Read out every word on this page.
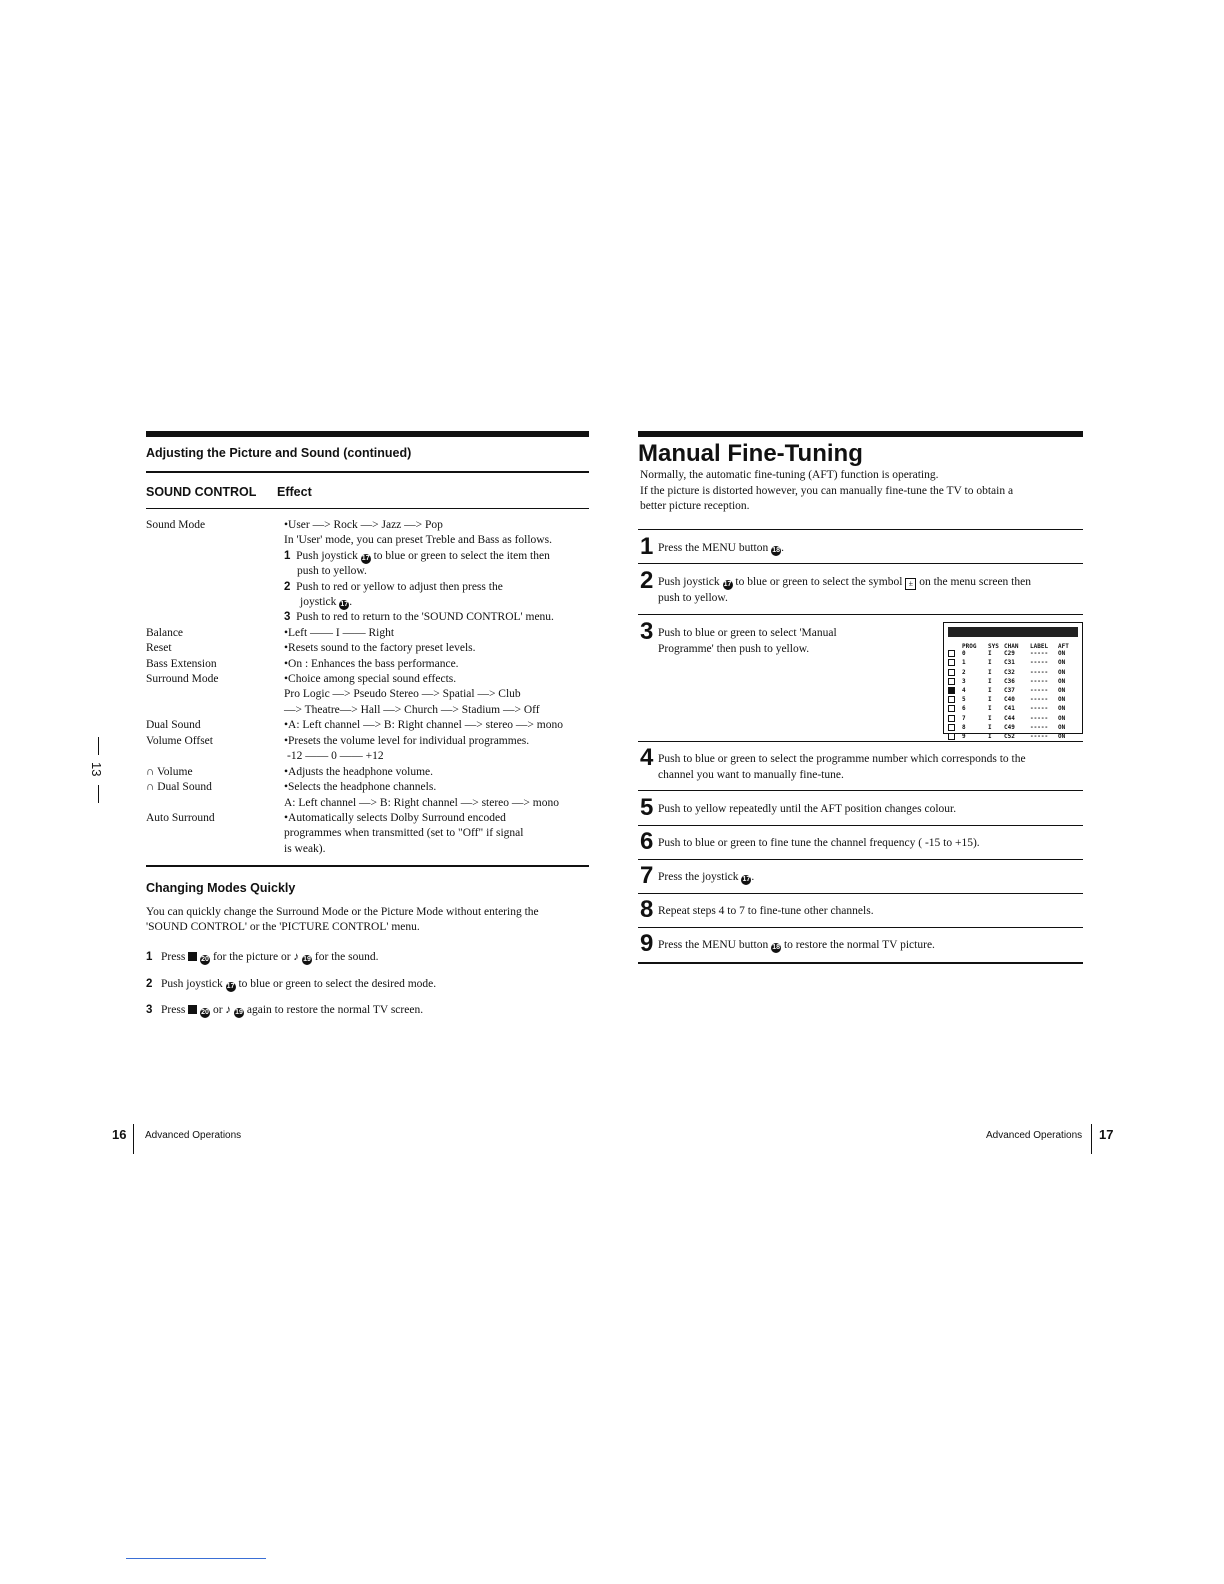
Adjusting the Picture and Sound (continued)
SOUND CONTROL Effect
Sound Mode	•User —> Rock —> Jazz —> Pop
In 'User' mode, you can preset Treble and Bass as follows.
1 Push joystick 17 to blue or green to select the item then
push to yellow.
2 Push to red or yellow to adjust then press the
joystick 17.
3 Push to red to return to the 'SOUND CONTROL' menu.
Balance	•Left —— I —— Right
Reset	•Resets sound to the factory preset levels.
Bass Extension	•On : Enhances the bass performance.
Surround Mode	•Choice among special sound effects.
Pro Logic —> Pseudo Stereo —> Spatial —> Club
—> Theatre—> Hall —> Church —> Stadium —> Off
Dual Sound	•A: Left channel —> B: Right channel —> stereo —> mono
Volume Offset	•Presets the volume level for individual programmes.
-12 —— 0 —— +12
∩ Volume	•Adjusts the headphone volume.
∩ Dual Sound	•Selects the headphone channels.
A: Left channel —> B: Right channel —> stereo —> mono
Auto Surround	•Automatically selects Dolby Surround encoded
programmes when transmitted (set to "Off" if signal
is weak).
Changing Modes Quickly
You can quickly change the Surround Mode or the Picture Mode without entering the
'SOUND CONTROL' or the 'PICTURE CONTROL' menu.
1 Press 20 for the picture or ♪ 19 for the sound.
2 Push joystick 17 to blue or green to select the desired mode.
3 Press 20 or ♪ 19 again to restore the normal TV screen.
13
16 Advanced Operations
Manual Fine-Tuning
Normally, the automatic fine-tuning (AFT) function is operating.
If the picture is distorted however, you can manually fine-tune the TV to obtain a
better picture reception.
1 Press the MENU button 18.
2 Push joystick 17 to blue or green to select the symbol ± on the menu screen then
push to yellow.
3 Push to blue or green to select 'Manual
Programme' then push to yellow.	PROG	SYS CHAN	LABEL	AFT
0	I	C29	-----	ON
1	I	C31	-----	ON
2	I	C32	-----	ON
3	I	C36	-----	ON
4	I	C37	-----	ON
5	I	C40	-----	ON
6	I	C41	-----	ON
7	I	C44	-----	ON
8	I	C49	-----	ON
9	I	C52	-----	ON
4 Push to blue or green to select the programme number which corresponds to the
channel you want to manually fine-tune.
5 Push to yellow repeatedly until the AFT position changes colour.
6 Push to blue or green to fine tune the channel frequency ( -15 to +15).
7 Press the joystick 17.
8 Repeat steps 4 to 7 to fine-tune other channels.
9 Press the MENU button 18 to restore the normal TV picture.
Advanced Operations 17
